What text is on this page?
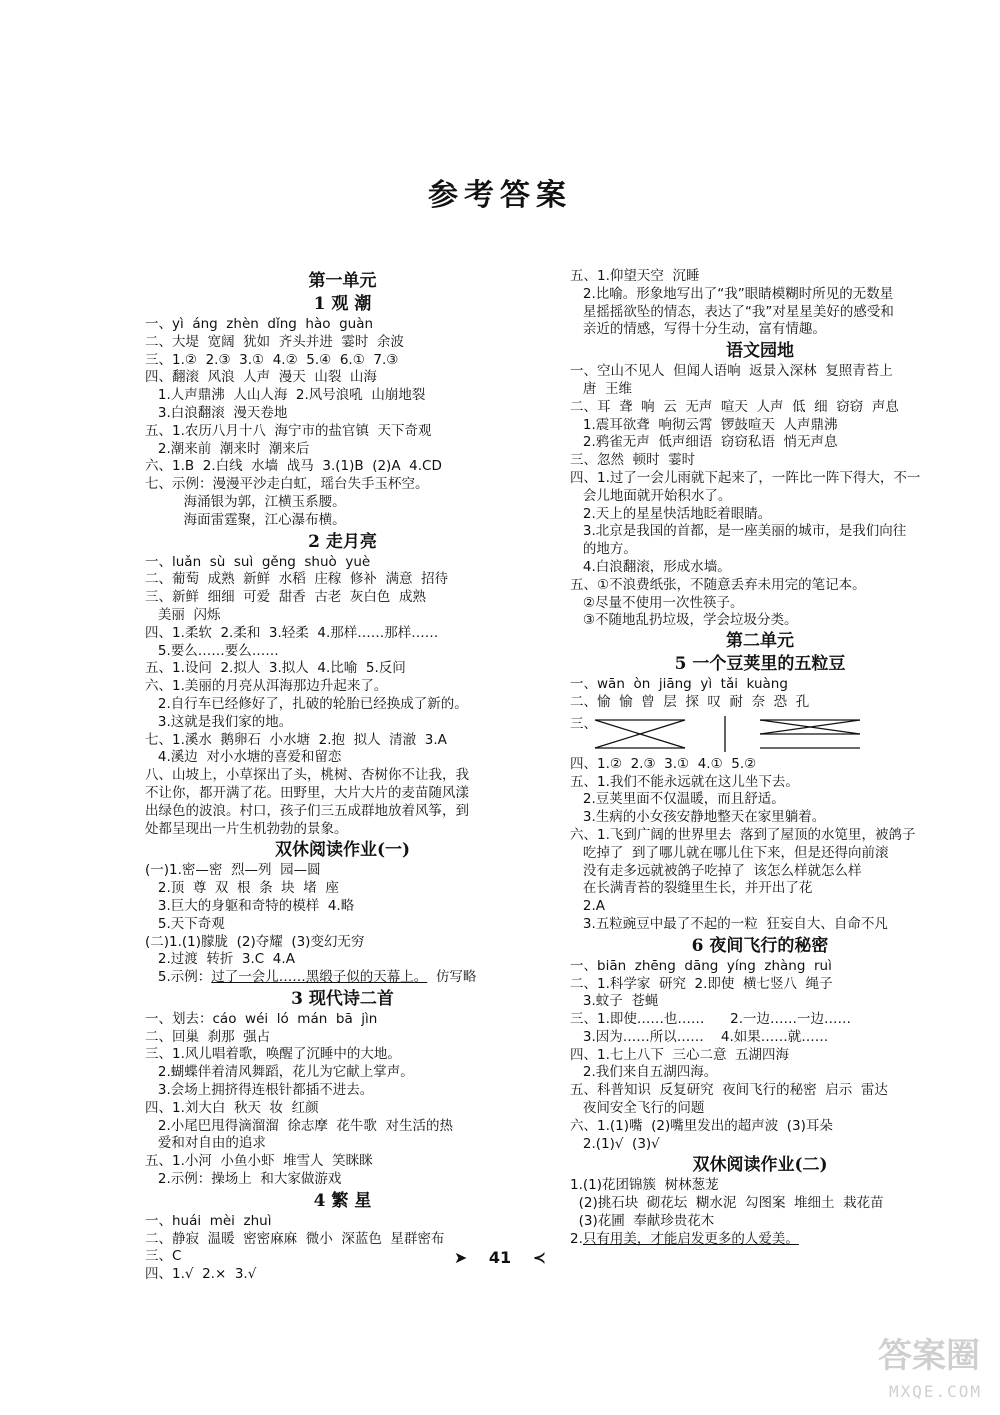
参考答案
第一单元
1 观 潮
一、yì  áng  zhèn  dǐng  hào  guàn
二、大堤  宽阔  犹如  齐头并进  霎时  余波
三、1.②  2.③  3.①  4.②  5.④  6.①  7.③
四、翻滚  风浪  人声  漫天  山裂  山海
1.人声鼎沸  人山人海  2.风号浪吼  山崩地裂
3.白浪翻滚  漫天卷地
五、1.农历八月十八  海宁市的盐官镇  天下奇观
2.潮来前  潮来时  潮来后
六、1.B  2.白线  水墙  战马  3.(1)B  (2)A  4.CD
七、示例：漫漫平沙走白虹，瑶台失手玉杯空。
海涌银为郭，江横玉系腰。
海面雷霆聚，江心瀑布横。
2 走月亮
一、luǎn  sù  suì  gěng  shuò  yuè
二、葡萄  成熟  新鲜  水稻  庄稼  修补  满意  招待
三、新鲜  细细  可爱  甜香  古老  灰白色  成熟
美丽  闪烁
四、1.柔软  2.柔和  3.轻柔  4.那样……那样……
5.要么……要么……
五、1.设问  2.拟人  3.拟人  4.比喻  5.反问
六、1.美丽的月亮从洱海那边升起来了。
2.自行车已经修好了，扎破的轮胎已经换成了新的。
3.这就是我们家的地。
七、1.溪水  鹅卵石  小水塘  2.抱  拟人  清澈  3.A
4.溪边  对小水塘的喜爱和留恋
八、山坡上，小草探出了头，桃树、杏树你不让我，我
不让你，都开满了花。田野里，大片大片的麦苗随风漾
出绿色的波浪。村口，孩子们三五成群地放着风筝，到
处都呈现出一片生机勃勃的景象。
双休阅读作业(一)
(一)1.密—密  烈—列  园—圆
2.顶  尊  双  根  条  块  堵  座
3.巨大的身躯和奇特的模样  4.略
5.天下奇观
(二)1.(1)朦胧  (2)夺耀  (3)变幻无穷
2.过渡  转折  3.C  4.A
5.示例：过了一会儿……黑缎子似的天幕上。  仿写略
3 现代诗二首
一、划去：cáo  wéi  ló  mán  bā  jìn
二、回巢  刹那  强占
三、1.风儿唱着歌，唤醒了沉睡中的大地。
2.蝴蝶伴着清风舞蹈，花儿为它献上掌声。
3.会场上拥挤得连根针都插不进去。
四、1.刘大白  秋天  妆  红颜
2.小尾巴甩得滴溜溜  徐志摩  花牛歌  对生活的热
爱和对自由的追求
五、1.小河  小鱼小虾  堆雪人  笑眯眯
2.示例：操场上  和大家做游戏
4 繁 星
一、huái  mèi  zhuì
二、静寂  温暖  密密麻麻  微小  深蓝色  星群密布
三、C
四、1.√  2.×  3.√
五、1.仰望天空  沉睡
2.比喻。形象地写出了“我”眼睛模糊时所见的无数星
星摇摇欲坠的情态，表达了“我”对星星美好的感受和
亲近的情感，写得十分生动，富有情趣。
语文园地
一、空山不见人  但闻人语响  返景入深林  复照青苔上
唐  王维
二、耳  聋  响  云  无声  喧天  人声  低  细  窃窃  声息
1.震耳欲聋  响彻云霄  锣鼓喧天  人声鼎沸
2.鸦雀无声  低声细语  窃窃私语  悄无声息
三、忽然  顿时  霎时
四、1.过了一会儿雨就下起来了，一阵比一阵下得大，不一
会儿地面就开始积水了。
2.天上的星星快活地眨着眼睛。
3.北京是我国的首都，是一座美丽的城市，是我们向往
的地方。
4.白浪翻滚，形成水墙。
五、①不浪费纸张，不随意丢弃未用完的笔记本。
②尽量不使用一次性筷子。
③不随地乱扔垃圾，学会垃圾分类。
第二单元
5 一个豆荚里的五粒豆
一、wān  òn  jiāng  yì  tǎi  kuàng
二、愉  愉  曾  层  探  叹  耐  奈  恐  孔
三、
四、1.②  2.③  3.①  4.①  5.②
五、1.我们不能永远就在这儿坐下去。
2.豆荚里面不仅温暖，而且舒适。
3.生病的小女孩安静地整天在家里躺着。
六、1.飞到广阔的世界里去  落到了屋顶的水笕里，被鸽子
吃掉了  到了哪儿就在哪儿住下来，但是还得向前滚
没有走多远就被鸽子吃掉了  该怎么样就怎么样
在长满青苔的裂缝里生长，并开出了花
2.A
3.五粒豌豆中最了不起的一粒  狂妄自大、自命不凡
6 夜间飞行的秘密
一、biān  zhēng  dāng  yíng  zhàng  ruì
二、1.科学家  研究  2.即使  横七竖八  绳子
3.蚊子  苍蝇
三、1.即使……也……      2.一边……一边……
3.因为……所以……    4.如果……就……
四、1.七上八下  三心二意  五湖四海
2.我们来自五湖四海。
五、科普知识  反复研究  夜间飞行的秘密  启示  雷达
夜间安全飞行的问题
六、1.(1)嘴  (2)嘴里发出的超声波  (3)耳朵
2.(1)√  (3)√
双休阅读作业(二)
1.(1)花团锦簇  树林葱茏
(2)挑石块  砌花坛  糊水泥  勾图案  堆细土  栽花苗
(3)花圃  奉献珍贵花木
2.只有用美，才能启发更多的人爱美。
➤ 41 ≺
答案圈
MXQE.COM
